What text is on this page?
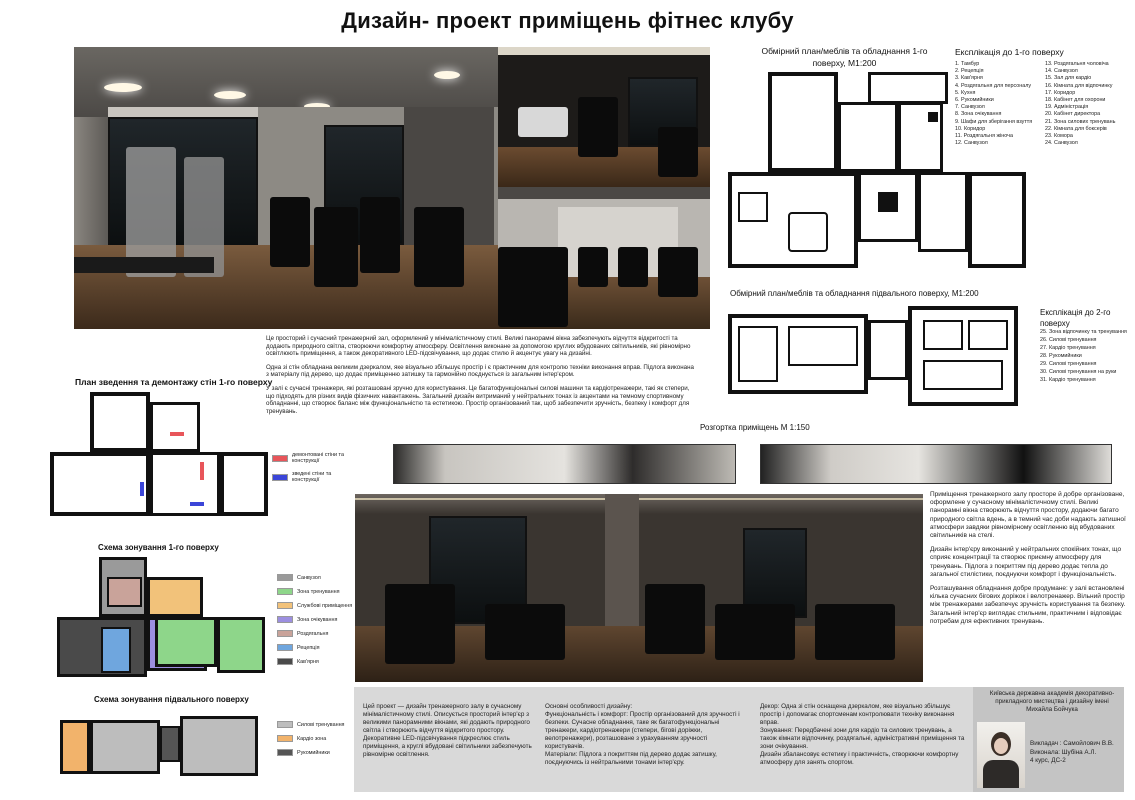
Дизайн- проект приміщень фітнес клубу
Обмірний план/меблів та обладнання 1-го поверху, М1:200
Експлікація до 1-го поверху
1. Тамбур
2. Рецепція
3. Кав'ярня
4. Роздягальня для персоналу
5. Кухня
6. Рукомийники
7. Санвузол
8. Зона очікування
9. Шафи для зберігання взуття
10. Коридор
11. Роздягальня жіноча
12. Санвузол
13. Роздягальня чоловіча
14. Санвузол
15. Зал для кардіо
16. Кімната для відпочинку
17. Коридор
18. Кабінет для охорони
19. Адміністрація
20. Кабінет директора
21. Зона силових тренувань
22. Кімната для боксерів
23. Комора
24. Санвузол
Обмірний план/меблів та обладнання підвального поверху, М1:200
Експлікація до 2-го поверху
25. Зона відпочинку та тренування
26. Силові тренування
27. Кардіо тренування
28. Рукомийники
29. Силові тренування
30. Силові тренування на руки
31. Кардіо тренування

Це просторий і сучасний тренажерний зал, оформлений у мінімалістичному стилі. Великі панорамні вікна забезпечують відчуття відкритості та додають природного світла, створюючи комфортну атмосферу. Освітлення виконане за допомогою круглих вбудованих світильників, які рівномірно освітлюють приміщення, а також декоративного LED-підсвічування, що додає стилю й акцентує увагу на дизайні.

Одна зі стін обладнана великим дзеркалом, яке візуально збільшує простір і є практичним для контролю техніки виконання вправ. Підлога виконана з матеріалу під дерево, що додає приміщенню затишку та гармонійно поєднується із загальним інтер'єром.

У залі є сучасні тренажери, які розташовані зручно для користування. Це багатофункціональні силові машини та кардіотренажери, такі як степери, що підходять для різних видів фізичних навантажень. Загальний дизайн витриманий у нейтральних тонах із акцентами на темному спортивному обладнанні, що створює баланс між функціональністю та естетикою. Простір організований так, щоб забезпечити зручність, безпеку і комфорт для тренувань.

Розгортка приміщень М 1:150
План зведення та демонтажу стін 1-го поверху
демонтовані стіни та конструкції
зведені стіни та конструкції
Схема зонування 1-го поверху
Санвузол
Зона тренування
Службові приміщення
Зона очікування
Роздягальня
Рецепція
Кав'ярня
Схема зонування підвального поверху
Силові тренування
Кардіо зона
Рукомийники

Приміщення тренажерного залу просторе й добре організоване, оформлене у сучасному мінімалістичному стилі. Великі панорамні вікна створюють відчуття простору, додаючи багато природного світла вдень, а в темний час доби надають затишної атмосфери завдяки рівномірному освітленню від вбудованих світильників на стелі.

Дизайн інтер'єру виконаний у нейтральних спокійних тонах, що сприяє концентрації та створює приємну атмосферу для тренувань. Підлога з покриттям під дерево додає тепла до загальної стилістики, поєднуючи комфорт і функціональність.

Розташування обладнання добре продумане: у залі встановлені кілька сучасних бігових доріжок і велотренажер. Вільний простір між тренажерами забезпечує зручність користування та безпеку. Загальний інтер'єр виглядає стильним, практичним і відповідає потребам для ефективних тренувань.

Цей проект — дизайн тренажерного залу в сучасному мінімалістичному стилі. Описується просторий інтер'єр з великими панорамними вікнами, які додають природного світла і створюють відчуття відкритого простору. Декоративне LED-підсвічування підкреслює стиль приміщення, а круглі вбудовані світильники забезпечують рівномірне освітлення.
Основні особливості дизайну:
Функціональність і комфорт: Простір організований для зручності і безпеки. Сучасне обладнання, таке як багатофункціональні тренажери, кардіотренажери (степери, бігові доріжки, велотренажери), розташоване з урахуванням зручності користувачів.
Матеріали: Підлога з покриттям під дерево додає затишку, поєднуючись із нейтральними тонами інтер'єру.
Декор: Одна зі стін оснащена дзеркалом, яке візуально збільшує простір і допомагає спортсменам контролювати техніку виконання вправ.
Зонування: Передбачені зони для кардіо та силових тренувань, а також кімнати відпочинку, роздягальні, адміністративні приміщення та зони очікування.
Дизайн збалансовує естетику і практичність, створюючи комфортну атмосферу для занять спортом.
Київська державна академія декоративно-прикладного мистецтва і дизайну імені Михайла Бойчука
Викладач : Самойлович В.В.
Виконала: Шубіна А.Л.
4 курс, ДС-2
